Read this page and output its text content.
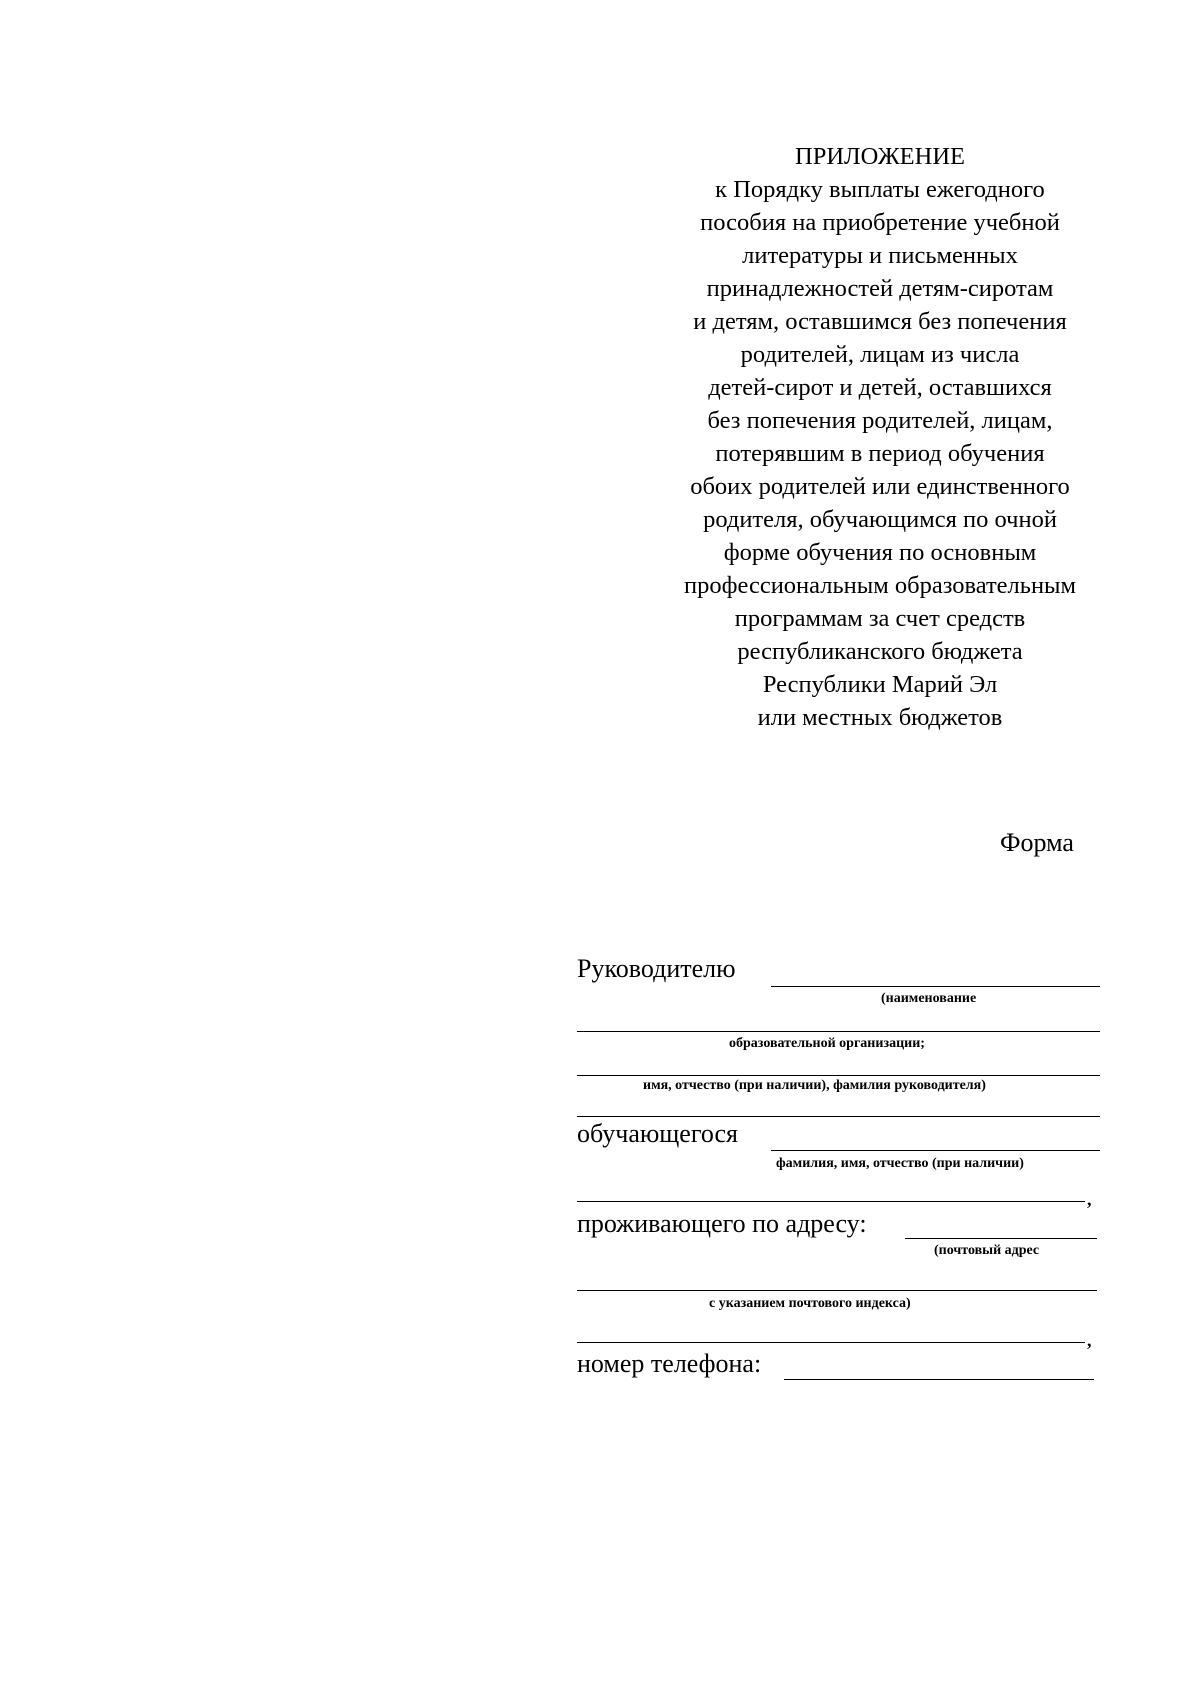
ПРИЛОЖЕНИЕ
к Порядку выплаты ежегодного
пособия на приобретение учебной
литературы и письменных
принадлежностей детям-сиротам
и детям, оставшимся без попечения
родителей, лицам из числа
детей-сирот и детей, оставшихся
без попечения родителей, лицам,
потерявшим в период обучения
обоих родителей или единственного
родителя, обучающимся по очной
форме обучения по основным
профессиональным образовательным
программам за счет средств
республиканского бюджета
Республики Марий Эл
или местных бюджетов
Форма
Руководителю
(наименование
образовательной организации;
имя, отчество (при наличии), фамилия руководителя)
обучающегося
фамилия, имя, отчество (при наличии)
,
проживающего по адресу:
(почтовый адрес
с указанием почтового индекса)
,
номер телефона:
